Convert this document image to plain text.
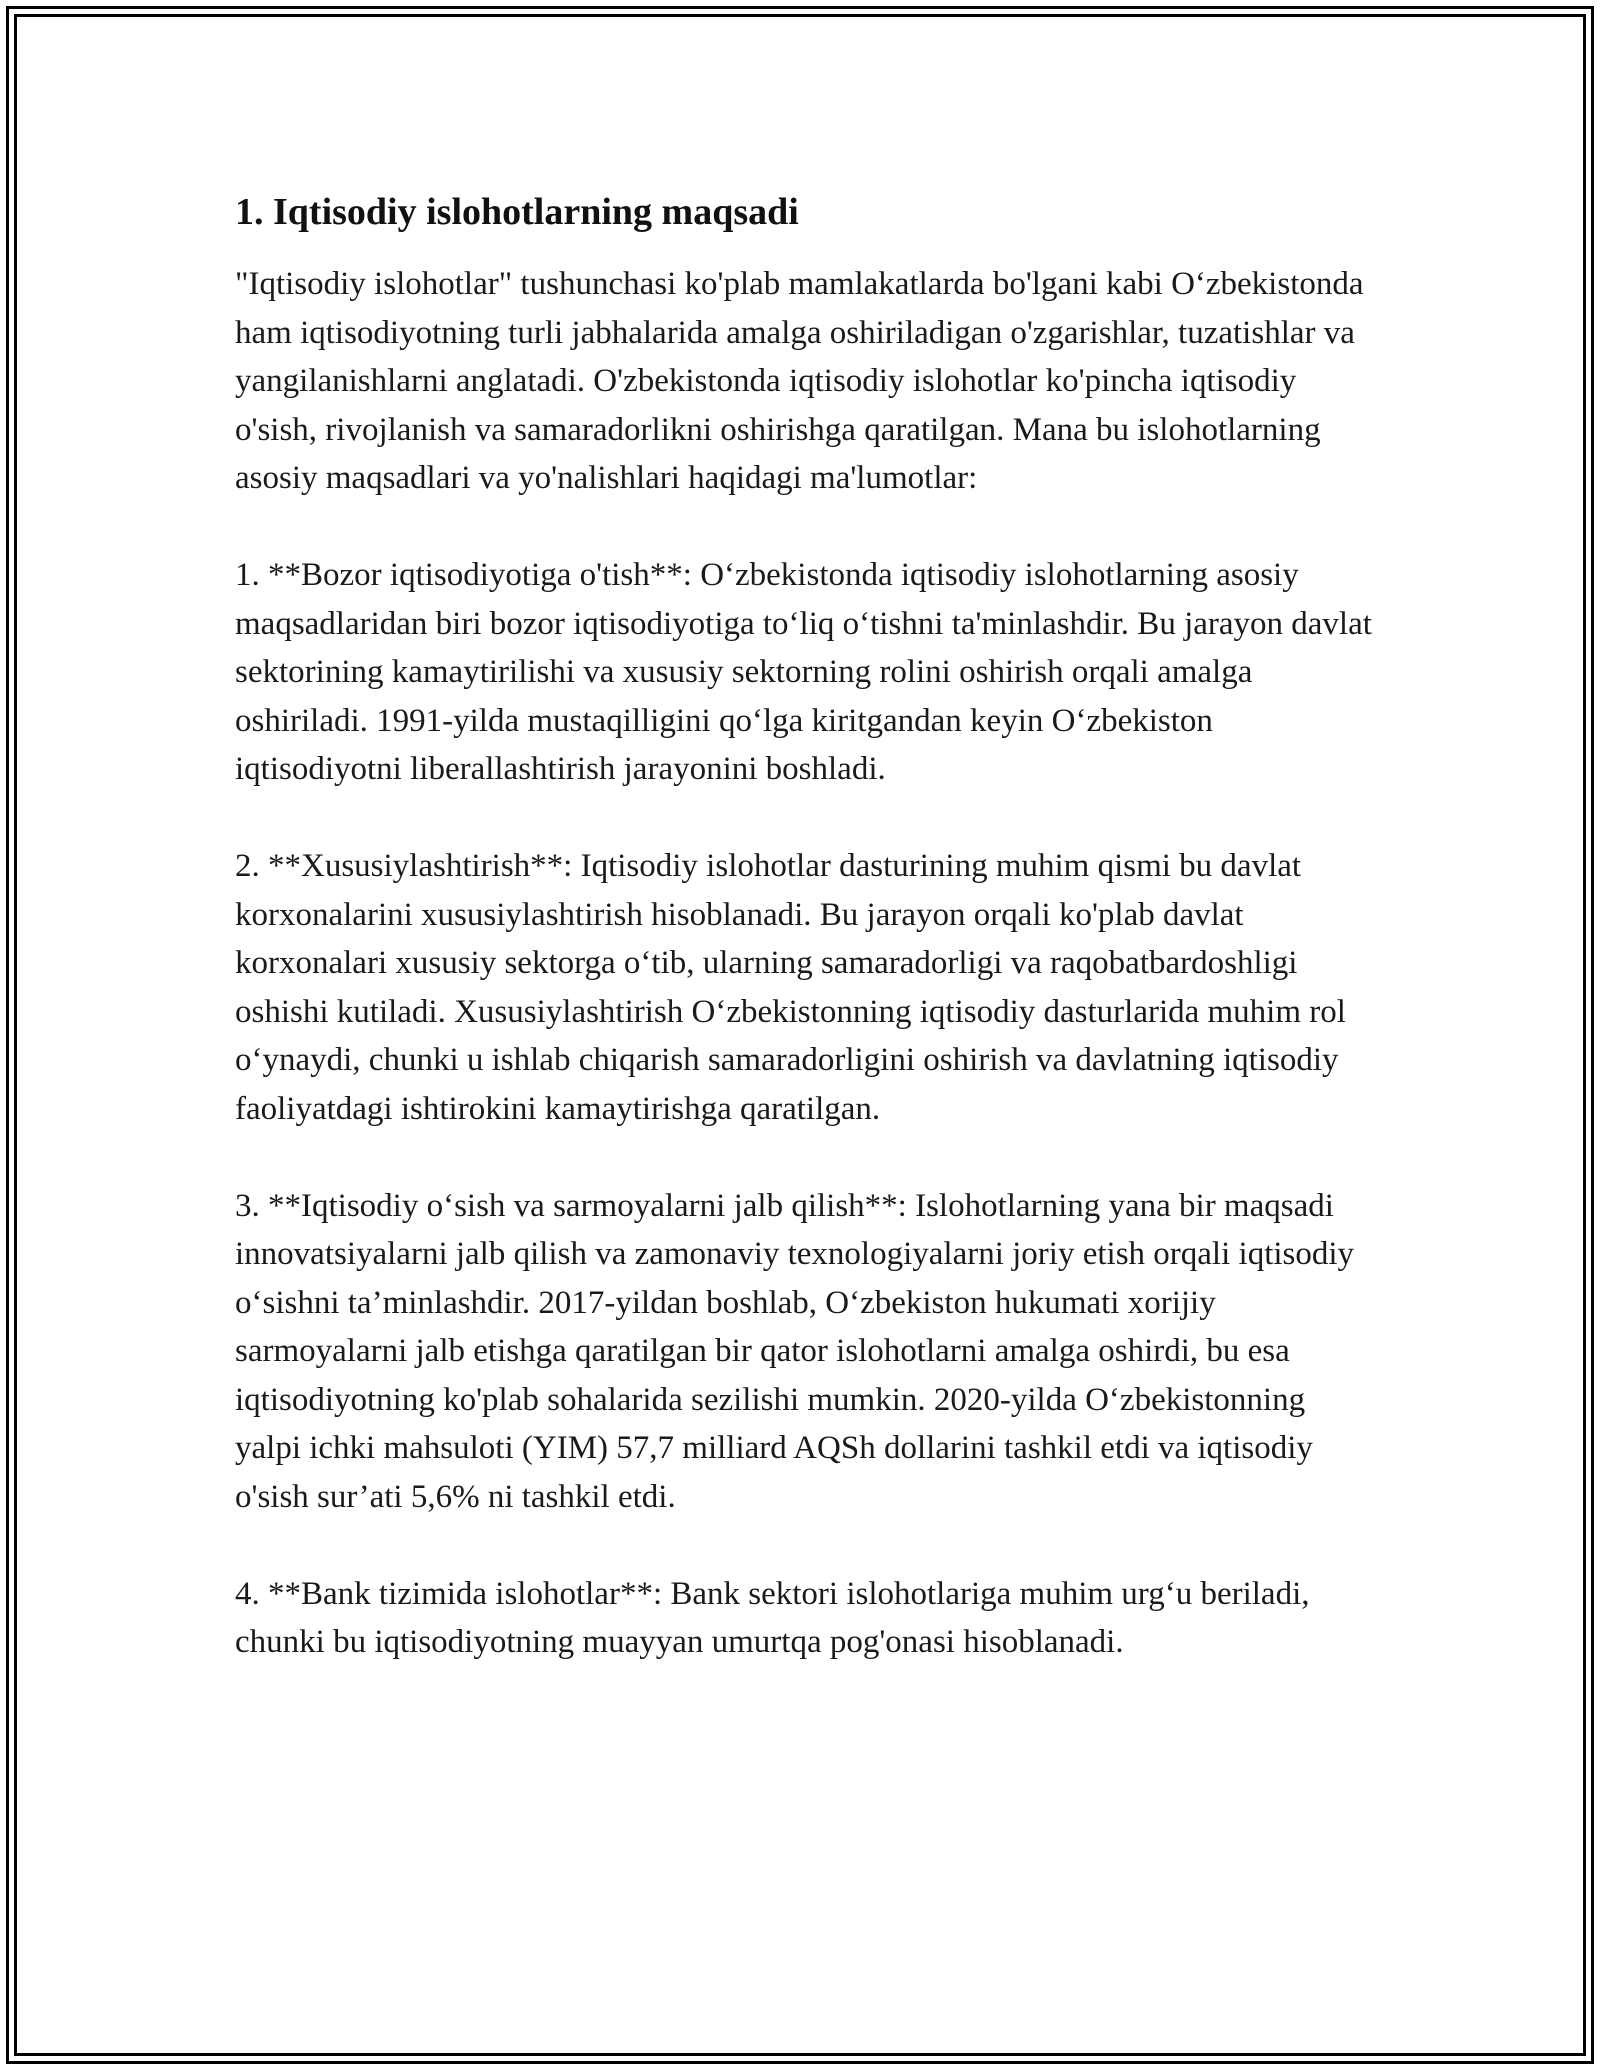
1. Iqtisodiy islohotlarning maqsadi

"Iqtisodiy islohotlar" tushunchasi ko'plab mamlakatlarda bo'lgani kabi Oʻzbekistonda ham iqtisodiyotning turli jabhalarida amalga oshiriladigan o'zgarishlar, tuzatishlar va yangilanishlarni anglatadi. O'zbekistonda iqtisodiy islohotlar ko'pincha iqtisodiy o'sish, rivojlanish va samaradorlikni oshirishga qaratilgan. Mana bu islohotlarning asosiy maqsadlari va yo'nalishlari haqidagi ma'lumotlar:

1. **Bozor iqtisodiyotiga o'tish**: Oʻzbekistonda iqtisodiy islohotlarning asosiy maqsadlaridan biri bozor iqtisodiyotiga toʻliq oʻtishni ta'minlashdir. Bu jarayon davlat sektorining kamaytirilishi va xususiy sektorning rolini oshirish orqali amalga oshiriladi. 1991-yilda mustaqilligini qoʻlga kiritgandan keyin Oʻzbekiston iqtisodiyotni liberallashtirish jarayonini boshladi.

2. **Xususiylashtirish**: Iqtisodiy islohotlar dasturining muhim qismi bu davlat korxonalarini xususiylashtirish hisoblanadi. Bu jarayon orqali ko'plab davlat korxonalari xususiy sektorga oʻtib, ularning samaradorligi va raqobatbardoshligi oshishi kutiladi. Xususiylashtirish Oʻzbekistonning iqtisodiy dasturlarida muhim rol oʻynaydi, chunki u ishlab chiqarish samaradorligini oshirish va davlatning iqtisodiy faoliyatdagi ishtirokini kamaytirishga qaratilgan.

3. **Iqtisodiy oʻsish va sarmoyalarni jalb qilish**: Islohotlarning yana bir maqsadi innovatsiyalarni jalb qilish va zamonaviy texnologiyalarni joriy etish orqali iqtisodiy oʻsishni ta’minlashdir. 2017-yildan boshlab, Oʻzbekiston hukumati xorijiy sarmoyalarni jalb etishga qaratilgan bir qator islohotlarni amalga oshirdi, bu esa iqtisodiyotning ko'plab sohalarida sezilishi mumkin. 2020-yilda Oʻzbekistonning yalpi ichki mahsuloti (YIM) 57,7 milliard AQSh dollarini tashkil etdi va iqtisodiy o'sish sur’ati 5,6% ni tashkil etdi.

4. **Bank tizimida islohotlar**: Bank sektori islohotlariga muhim urgʻu beriladi, chunki bu iqtisodiyotning muayyan umurtqa pog'onasi hisoblanadi.
